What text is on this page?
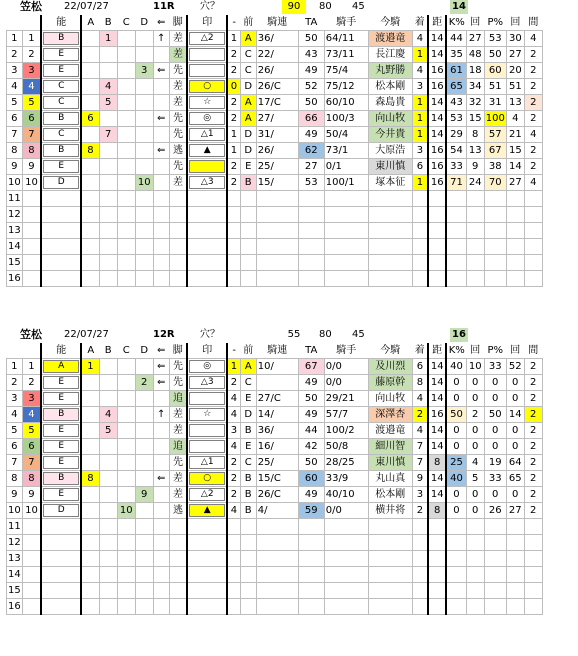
笠松 22/07/27	11R	穴？	90	80 45	14
		能	A	B	C	D	⇐	脚	印	-	前	騎連	TA	騎手	今騎	着	距	K%	回	P%	回	間
1	1	B		1			↑	差	△2	1	A	36/	50	64/11	渡邉竜	4	14	44	27	53	30	4
2	2	E						差		2	C	22/	43	73/11	長江慶	1	14	35	48	50	27	2
3	3	E				3	⇐	先		2	C	26/	49	75/4	丸野勝	4	16	61	18	60	20	2
4	4	C		4				差	○	0	D	26/C	52	75/12	松本剛	3	16	65	34	51	51	2
5	5	C		5				差	☆	2	A	17/C	50	60/10	森島貴	1	14	43	32	31	13	2
6	6	B	6				⇐	先	◎	2	A	27/	66	100/3	向山牧	1	14	53	15	100	4	2
7	7	C		7				先	△1	1	D	31/	49	50/4	今井貴	1	14	29	8	57	21	4
8	8	B	8				⇐	逃	▲	1	D	26/	62	73/1	大原浩	3	16	54	13	67	15	2
9	9	E						先		2	E	25/	27	0/1	東川慎	6	16	33	9	38	14	2
10	10	D				10		差	△3	2	B	15/	53	100/1	塚本征	1	16	71	24	70	27	4
11																						
12																						
13																						
14																						
15																						
16																						
笠松 22/07/27	12R	穴？	55	80 45	16
		能	A	B	C	D	⇐	脚	印	-	前	騎連	TA	騎手	今騎	着	距	K%	回	P%	回	間
1	1	A	1				⇐	先	◎	1	A	10/	67	0/0	及川烈	6	14	40	10	33	52	2
2	2	E				2	⇐	先	△3	2	C		49	0/0	藤原幹	8	14	0	0	0	0	2
3	3	E						追		4	E	27/C	50	29/21	向山牧	4	14	0	0	0	0	2
4	4	B		4			↑	差	☆	4	D	14/	49	57/7	深澤杏	2	16	50	2	50	14	2
5	5	E		5				差		3	B	36/	44	100/2	渡邉竜	4	14	0	0	0	0	2
6	6	E						追		4	E	16/	42	50/8	細川智	7	14	0	0	0	0	2
7	7	E						先	△1	2	C	25/	50	28/25	東川慎	7	8	25	4	19	64	2
8	8	B	8				⇐	差	○	2	B	15/C	60	33/9	丸山真	9	14	40	5	33	65	2
9	9	E				9		差	△2	2	B	26/C	49	40/10	松本剛	3	14	0	0	0	0	2
10	10	D			10			逃	▲	4	B	4/	59	0/0	横井将	2	8	0	0	26	27	2
11																						
12																						
13																						
14																						
15																						
16																						
